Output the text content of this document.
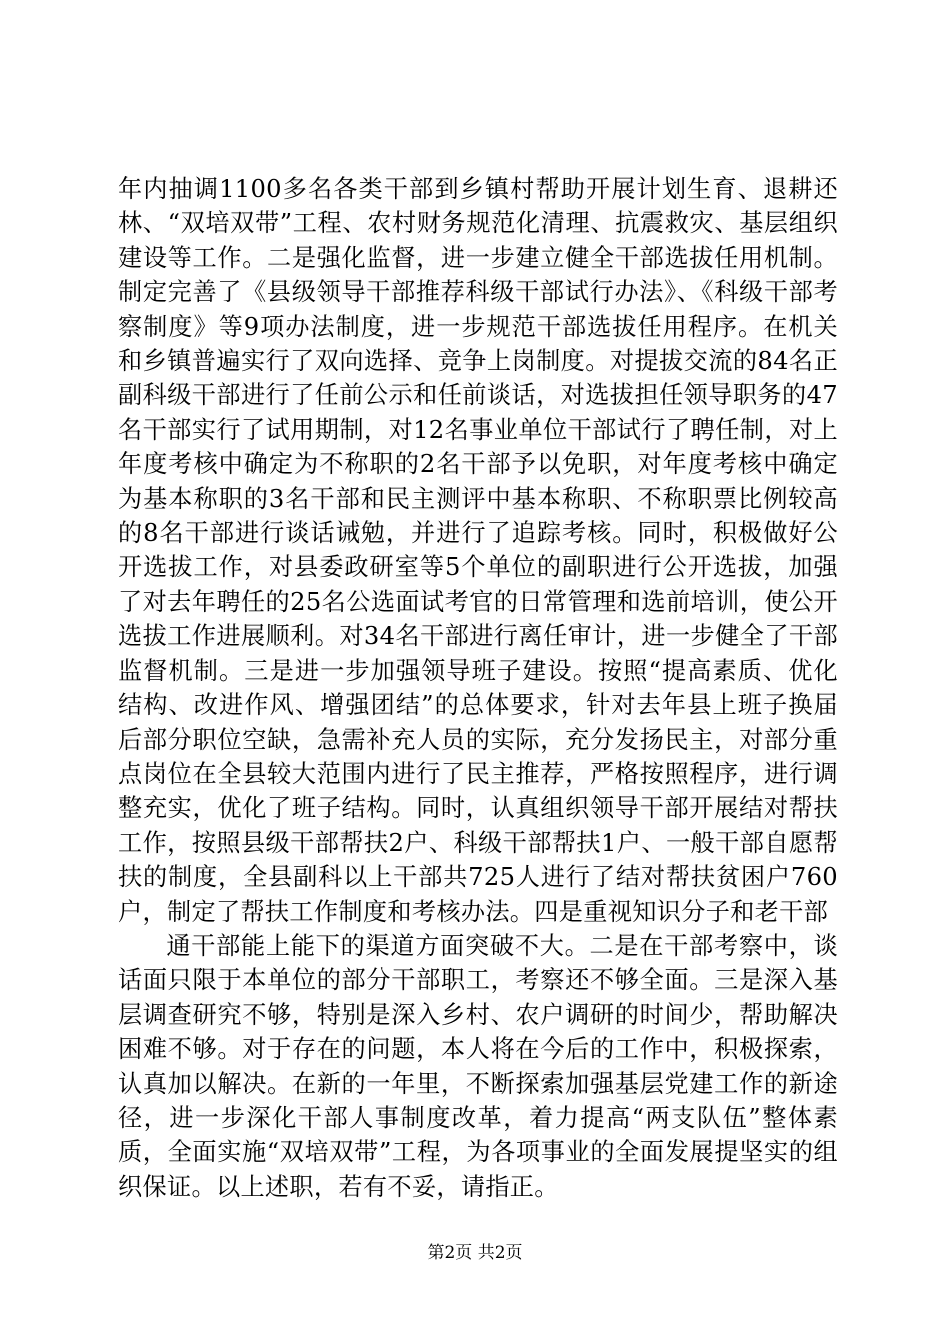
年内抽调1100多名各类干部到乡镇村帮助开展计划生育、退耕还林、“双培双带”工程、农村财务规范化清理、抗震救灾、基层组织建设等工作。二是强化监督，进一步建立健全干部选拔任用机制。制定完善了《县级领导干部推荐科级干部试行办法》、《科级干部考察制度》等9项办法制度，进一步规范干部选拔任用程序。在机关和乡镇普遍实行了双向选择、竞争上岗制度。对提拔交流的84名正副科级干部进行了任前公示和任前谈话，对选拔担任领导职务的47名干部实行了试用期制，对12名事业单位干部试行了聘任制，对上年度考核中确定为不称职的2名干部予以免职，对年度考核中确定为基本称职的3名干部和民主测评中基本称职、不称职票比例较高的8名干部进行谈话诫勉，并进行了追踪考核。同时，积极做好公开选拔工作，对县委政研室等5个单位的副职进行公开选拔，加强了对去年聘任的25名公选面试考官的日常管理和选前培训，使公开选拔工作进展顺利。对34名干部进行离任审计，进一步健全了干部监督机制。三是进一步加强领导班子建设。按照“提高素质、优化结构、改进作风、增强团结”的总体要求，针对去年县上班子换届后部分职位空缺，急需补充人员的实际，充分发扬民主，对部分重点岗位在全县较大范围内进行了民主推荐，严格按照程序，进行调整充实，优化了班子结构。同时，认真组织领导干部开展结对帮扶工作，按照县级干部帮扶2户、科级干部帮扶1户、一般干部自愿帮扶的制度，全县副科以上干部共725人进行了结对帮扶贫困户760户，制定了帮扶工作制度和考核办法。四是重视知识分子和老干部

通干部能上能下的渠道方面突破不大。二是在干部考察中，谈话面只限于本单位的部分干部职工，考察还不够全面。三是深入基层调查研究不够，特别是深入乡村、农户调研的时间少，帮助解决困难不够。对于存在的问题，本人将在今后的工作中，积极探索，认真加以解决。在新的一年里，不断探索加强基层党建工作的新途径，进一步深化干部人事制度改革，着力提高“两支队伍”整体素质，全面实施“双培双带”工程，为各项事业的全面发展提坚实的组织保证。以上述职，若有不妥，请指正。

第2页 共2页
